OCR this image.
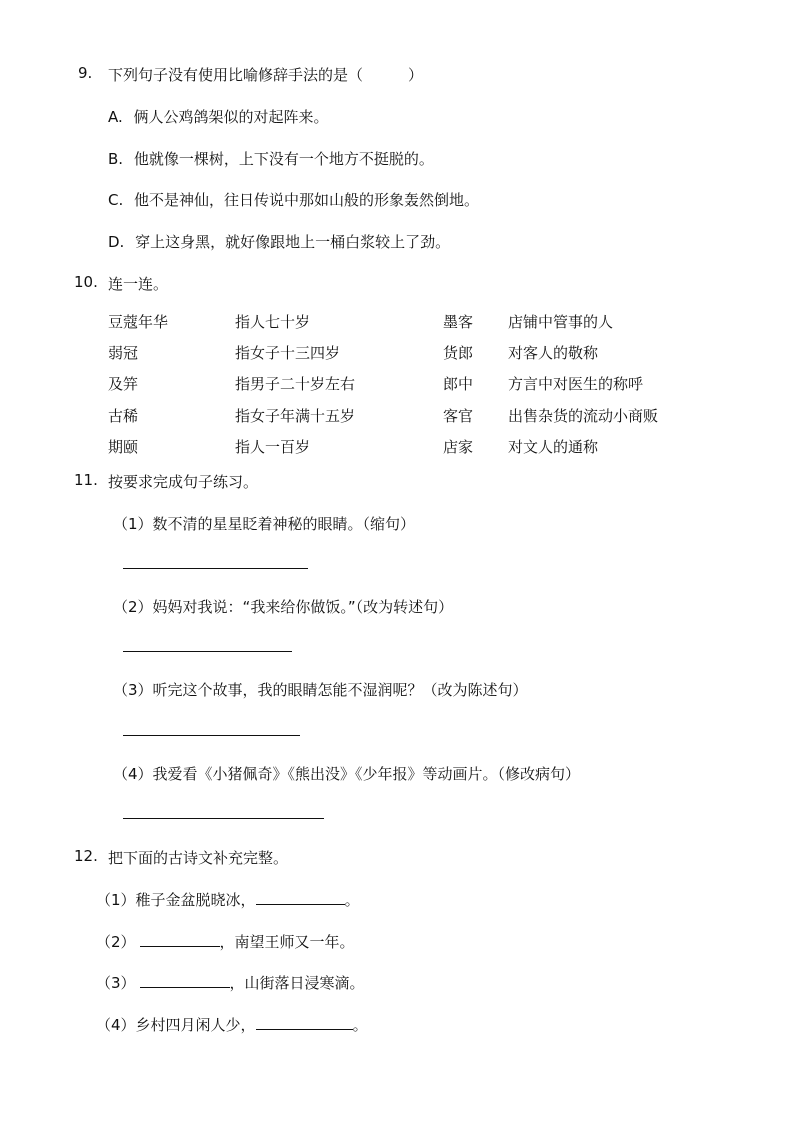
9. 下列句子没有使用比喻修辞手法的是（　　　）
A. 俩人公鸡鸽架似的对起阵来。
B. 他就像一棵树，上下没有一个地方不挺脱的。
C. 他不是神仙，往日传说中那如山般的形象轰然倒地。
D. 穿上这身黑，就好像跟地上一桶白浆较上了劲。
10. 连一连。
豆蔻年华	指人七十岁	墨客 店铺中管事的人
弱冠	指女子十三四岁	货郎 对客人的敬称
及笄	指男子二十岁左右	郎中 方言中对医生的称呼
古稀	指女子年满十五岁	客官 出售杂货的流动小商贩
期颐	指人一百岁	店家 对文人的通称
11. 按要求完成句子练习。
（1）数不清的星星眨着神秘的眼睛。（缩句）
（2）妈妈对我说：“我来给你做饭。”（改为转述句）
（3）听完这个故事，我的眼睛怎能不湿润呢？（改为陈述句）
（4）我爱看《小猪佩奇》《熊出没》《少年报》等动画片。（修改病句）
12. 把下面的古诗文补充完整。
（1）稚子金盆脱晓冰，	。
（2）	，南望王师又一年。
（3）	，山街落日浸寒滴。
（4）乡村四月闲人少，	。
